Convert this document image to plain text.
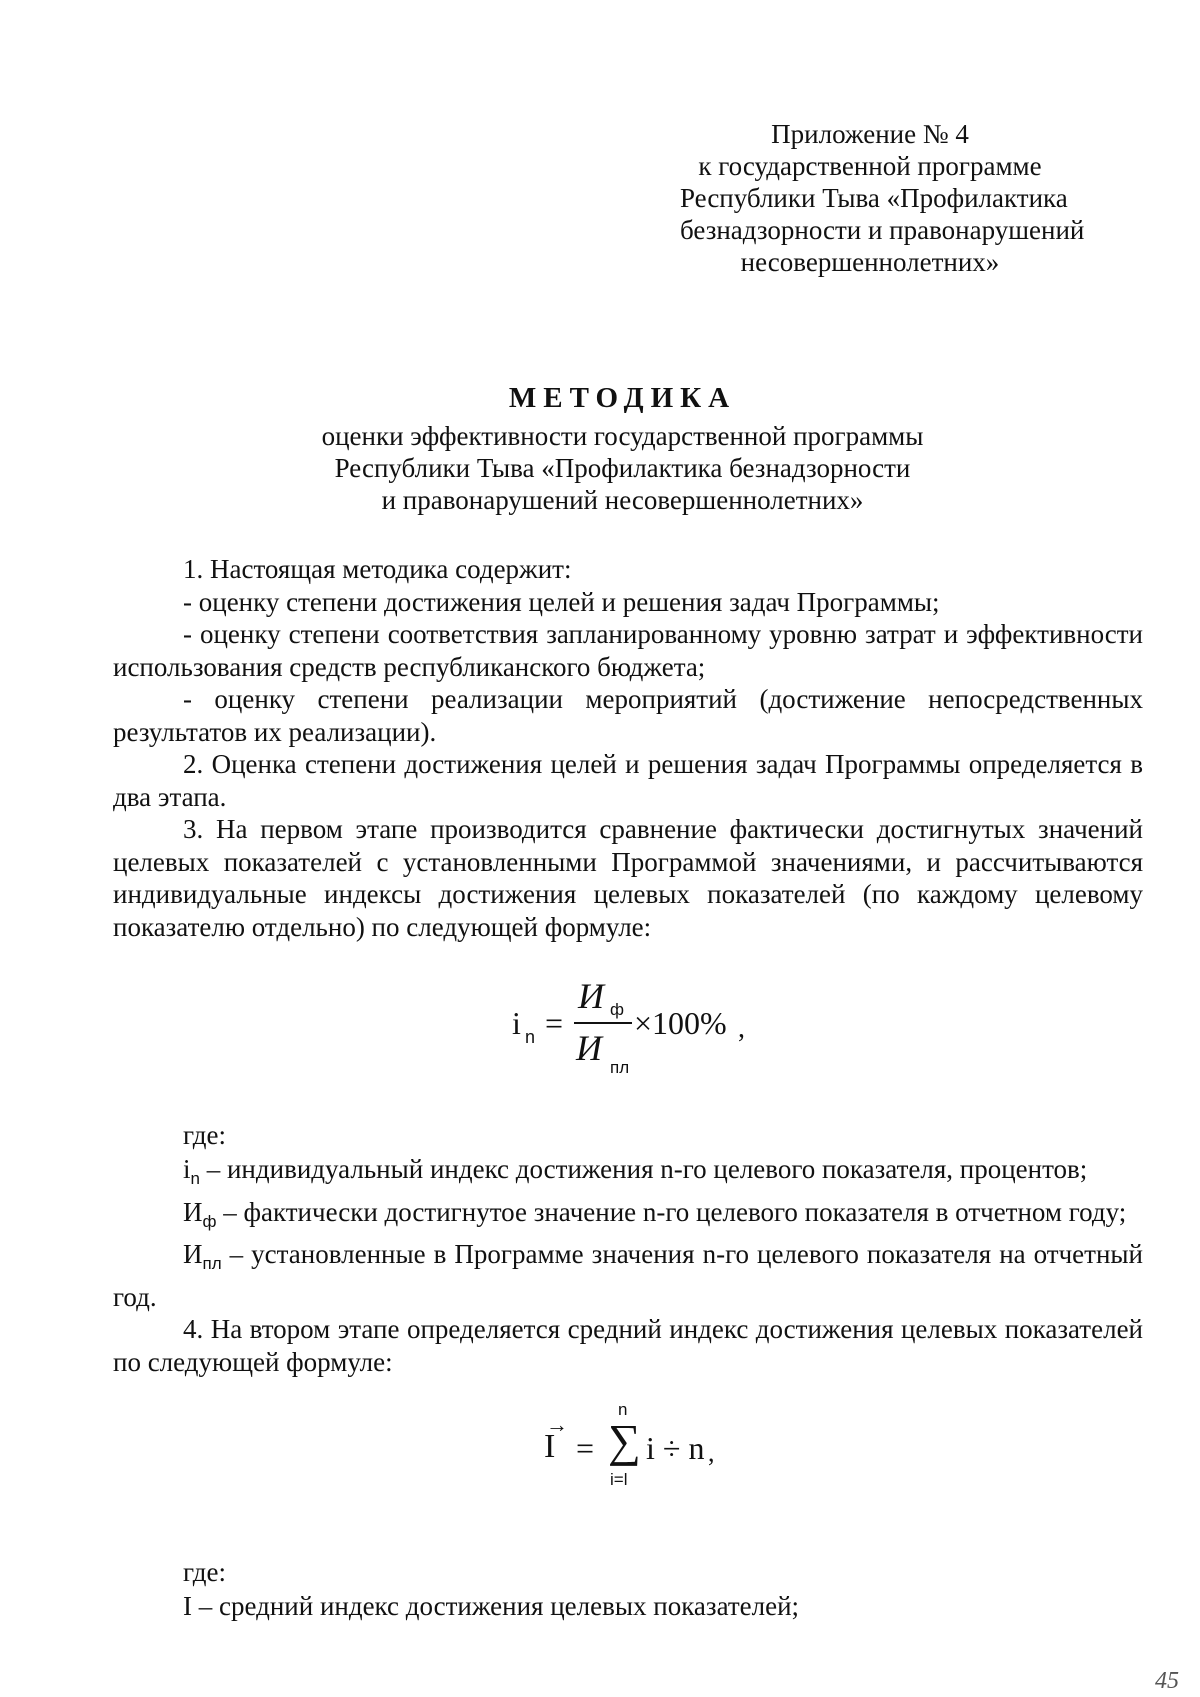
Приложение № 4
к государственной программе
Республики Тыва «Профилактика
безнадзорности и правонарушений
несовершеннолетних»
МЕТОДИКА
оценки эффективности государственной программы
Республики Тыва «Профилактика безнадзорности
и правонарушений несовершеннолетних»

1. Настоящая методика содержит:

- оценку степени достижения целей и решения задач Программы;

- оценку степени соответствия запланированному уровню затрат и эффективности использования средств республиканского бюджета;

- оценку степени реализации мероприятий (достижение непосредственных результатов их реализации).

2. Оценка степени достижения целей и решения задач Программы определяется в два этапа.

3. На первом этапе производится сравнение фактически достигнутых значений целевых показателей с установленными Программой значениями, и рассчитываются индивидуальные индексы достижения целевых показателей (по каждому целевому показателю отдельно) по следующей формуле:

i n =
И ф
И пл
×100% ,
где:

$i_n$ – индивидуальный индекс достижения n-го целевого показателя, процентов;

$И_ф$ – фактически достигнутое значение n-го целевого показателя в отчетном году;

$И_{пл}$ – установленные в Программе значения n-го целевого показателя на отчетный год.

4. На втором этапе определяется средний индекс достижения целевых показателей по следующей формуле:

→
I =
n
∑
i=l
i ÷ n ,
где:
I – средний индекс достижения целевых показателей;
45
